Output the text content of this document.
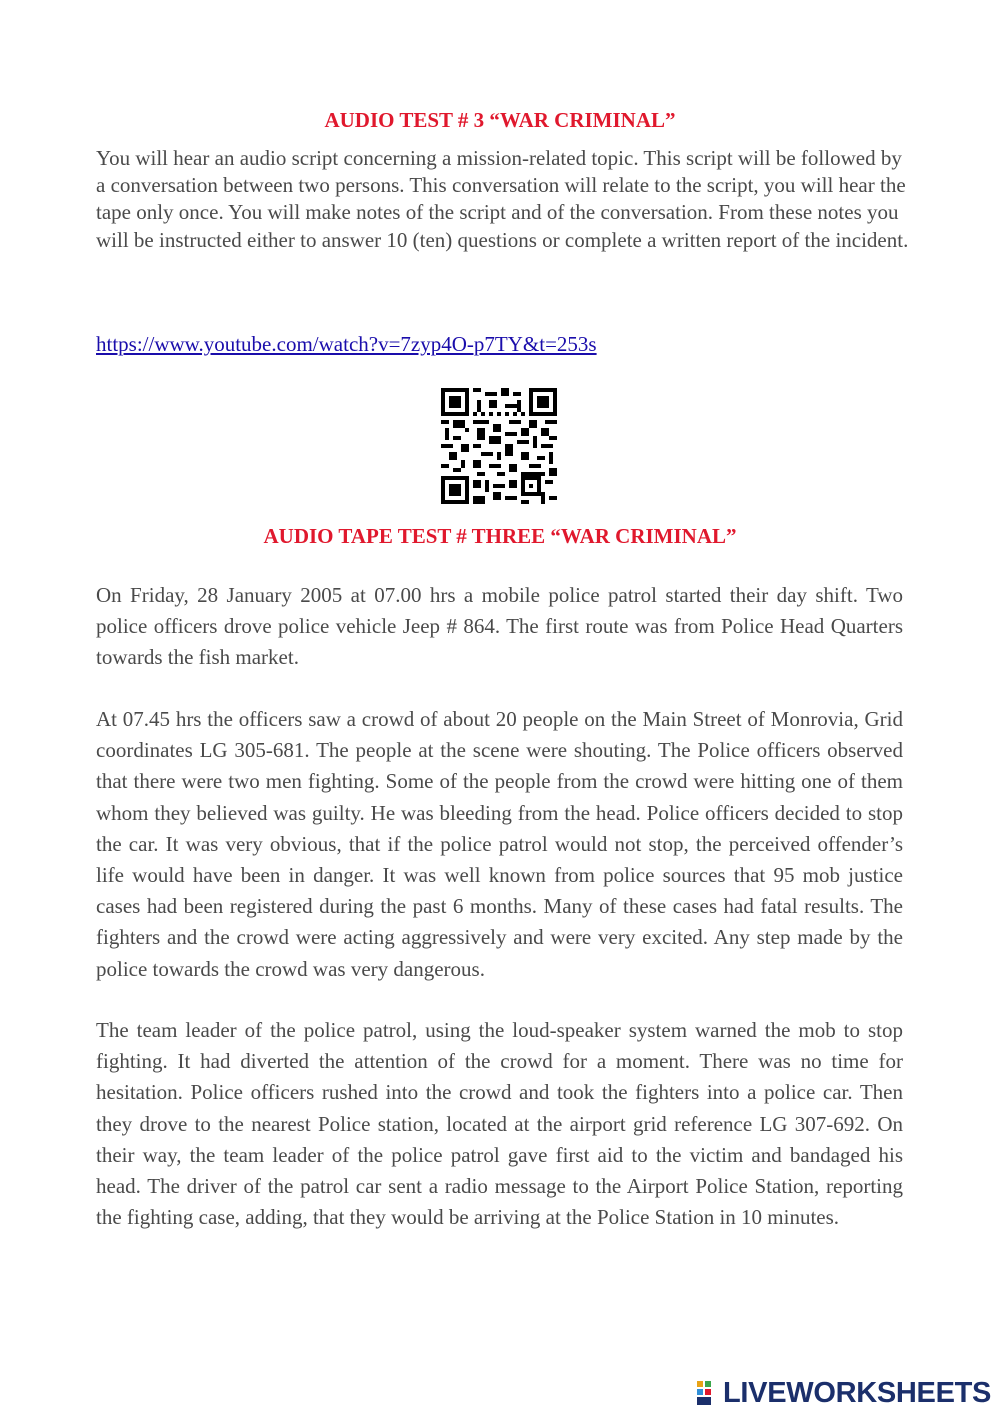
AUDIO TEST # 3 “WAR CRIMINAL”

You will hear an audio script concerning a mission-related topic. This script will be followed by a conversation between two persons. This conversation will relate to the script, you will hear the tape only once. You will make notes of the script and of the conversation. From these notes you will be instructed either to answer 10 (ten) questions or complete a written report of the incident.

https://www.youtube.com/watch?v=7zyp4O-p7TY&t=253s
AUDIO TAPE TEST # THREE “WAR CRIMINAL”

On Friday, 28 January 2005 at 07.00 hrs a mobile police patrol started their day shift. Two police officers drove police vehicle Jeep # 864. The first route was from Police Head Quarters towards the fish market.

At 07.45 hrs the officers saw a crowd of about 20 people on the Main Street of Monrovia, Grid coordinates LG 305-681. The people at the scene were shouting. The Police officers observed that there were two men fighting. Some of the people from the crowd were hitting one of them whom they believed was guilty. He was bleeding from the head. Police officers decided to stop the car. It was very obvious, that if the police patrol would not stop, the perceived offender’s life would have been in danger. It was well known from police sources that 95 mob justice cases had been registered during the past 6 months. Many of these cases had fatal results. The fighters and the crowd were acting aggressively and were very excited. Any step made by the police towards the crowd was very dangerous.

The team leader of the police patrol, using the loud-speaker system warned the mob to stop fighting. It had diverted the attention of the crowd for a moment. There was no time for hesitation. Police officers rushed into the crowd and took the fighters into a police car. Then they drove to the nearest Police station, located at the airport grid reference LG 307-692. On their way, the team leader of the police patrol gave first aid to the victim and bandaged his head. The driver of the patrol car sent a radio message to the Airport Police Station, reporting the fighting case, adding, that they would be arriving at the Police Station in 10 minutes.

LIVEWORKSHEETS
